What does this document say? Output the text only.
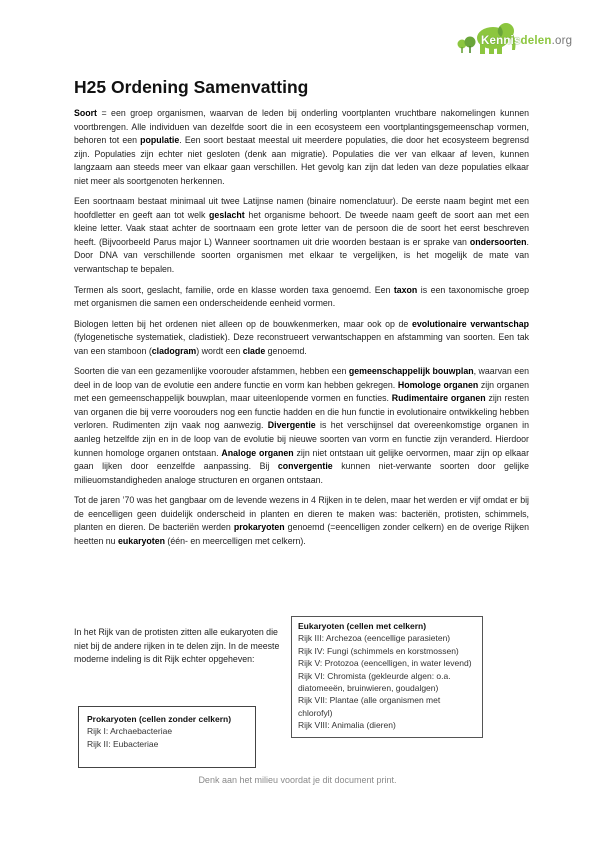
Kennisdelen.org
H25 Ordening Samenvatting

Soort = een groep organismen, waarvan de leden bij onderling voortplanten vruchtbare nakomelingen kunnen voortbrengen. Alle individuen van dezelfde soort die in een ecosysteem een voortplantingsgemeenschap vormen, behoren tot een populatie. Een soort bestaat meestal uit meerdere populaties, die door het ecosysteem begrensd zijn. Populaties zijn echter niet gesloten (denk aan migratie). Populaties die ver van elkaar af leven, kunnen langzaam aan steeds meer van elkaar gaan verschillen. Het gevolg kan zijn dat leden van deze populaties elkaar niet meer als soortgenoten herkennen.

Een soortnaam bestaat minimaal uit twee Latijnse namen (binaire nomenclatuur). De eerste naam begint met een hoofdletter en geeft aan tot welk geslacht het organisme behoort. De tweede naam geeft de soort aan met een kleine letter. Vaak staat achter de soortnaam een grote letter van de persoon die de soort het eerst beschreven heeft. (Bijvoorbeeld Parus major L) Wanneer soortnamen uit drie woorden bestaan is er sprake van ondersoorten. Door DNA van verschillende soorten organismen met elkaar te vergelijken, is het mogelijk de mate van verwantschap te bepalen.

Termen als soort, geslacht, familie, orde en klasse worden taxa genoemd. Een taxon is een taxonomische groep met organismen die samen een onderscheidende eenheid vormen.

Biologen letten bij het ordenen niet alleen op de bouwkenmerken, maar ook op de evolutionaire verwantschap (fylogenetische systematiek, cladistiek). Deze reconstrueert verwantschappen en afstamming van soorten. Een tak van een stamboon (cladogram) wordt een clade genoemd.

Soorten die van een gezamenlijke voorouder afstammen, hebben een gemeenschappelijk bouwplan, waarvan een deel in de loop van de evolutie een andere functie en vorm kan hebben gekregen. Homologe organen zijn organen met een gemeenschappelijk bouwplan, maar uiteenlopende vormen en functies. Rudimentaire organen zijn resten van organen die bij verre voorouders nog een functie hadden en die hun functie in evolutionaire ontwikkeling hebben verloren. Rudimenten zijn vaak nog aanwezig. Divergentie is het verschijnsel dat overeenkomstige organen in aanleg hetzelfde zijn en in de loop van de evolutie bij nieuwe soorten van vorm en functie zijn veranderd. Hierdoor kunnen homologe organen ontstaan. Analoge organen zijn niet ontstaan uit gelijke oervormen, maar zijn op elkaar gaan lijken door eenzelfde aanpassing. Bij convergentie kunnen niet-verwante soorten door gelijke milieuomstandigheden analoge structuren en organen ontstaan.

Tot de jaren ’70 was het gangbaar om de levende wezens in 4 Rijken in te delen, maar het werden er vijf omdat er bij de eencelligen geen duidelijk onderscheid in planten en dieren te maken was: bacteriën, protisten, schimmels, planten en dieren. De bacteriën werden prokaryoten genoemd (=eencelligen zonder celkern) en de overige Rijken heetten nu eukaryoten (één- en meercelligen met celkern).

In het Rijk van de protisten zitten alle eukaryoten die niet bij de andere rijken in te delen zijn. In de meeste moderne indeling is dit Rijk echter opgeheven:
Eukaryoten (cellen met celkern)
Rijk III: Archezoa (eencellige parasieten)
Rijk IV: Fungi (schimmels en korstmossen)
Rijk V: Protozoa (eencelligen, in water levend)
Rijk VI: Chromista (gekleurde algen: o.a. diatomeeën, bruinwieren, goudalgen)
Rijk VII: Plantae (alle organismen met chlorofyl)
Rijk VIII: Animalia (dieren)
Prokaryoten (cellen zonder celkern)
Rijk I: Archaebacteriae
Rijk II: Eubacteriae
Denk aan het milieu voordat je dit document print.
